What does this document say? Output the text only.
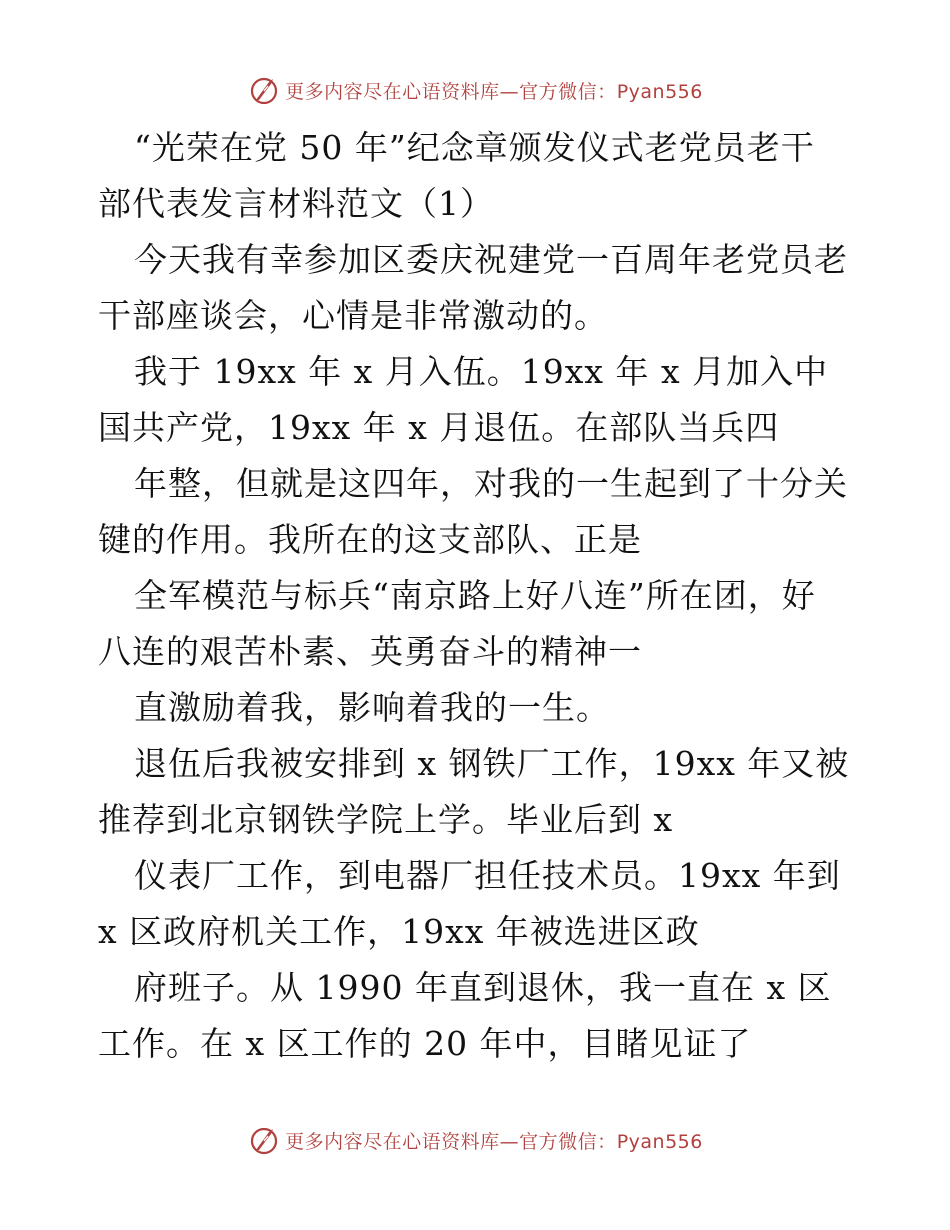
更多内容尽在心语资料库—官方微信：Pyan556
“光荣在党 50 年”纪念章颁发仪式老党员老干
部代表发言材料范文（1）
今天我有幸参加区委庆祝建党一百周年老党员老
干部座谈会，心情是非常激动的。
我于 19xx 年 x 月入伍。19xx 年 x 月加入中
国共产党，19xx 年 x 月退伍。在部队当兵四
年整，但就是这四年，对我的一生起到了十分关
键的作用。我所在的这支部队、正是
全军模范与标兵“南京路上好八连”所在团，好
八连的艰苦朴素、英勇奋斗的精神一
直激励着我，影响着我的一生。
退伍后我被安排到 x 钢铁厂工作，19xx 年又被
推荐到北京钢铁学院上学。毕业后到 x
仪表厂工作，到电器厂担任技术员。19xx 年到
x 区政府机关工作，19xx 年被选进区政
府班子。从 1990 年直到退休，我一直在 x 区
工作。在 x 区工作的 20 年中，目睹见证了
更多内容尽在心语资料库—官方微信：Pyan556
